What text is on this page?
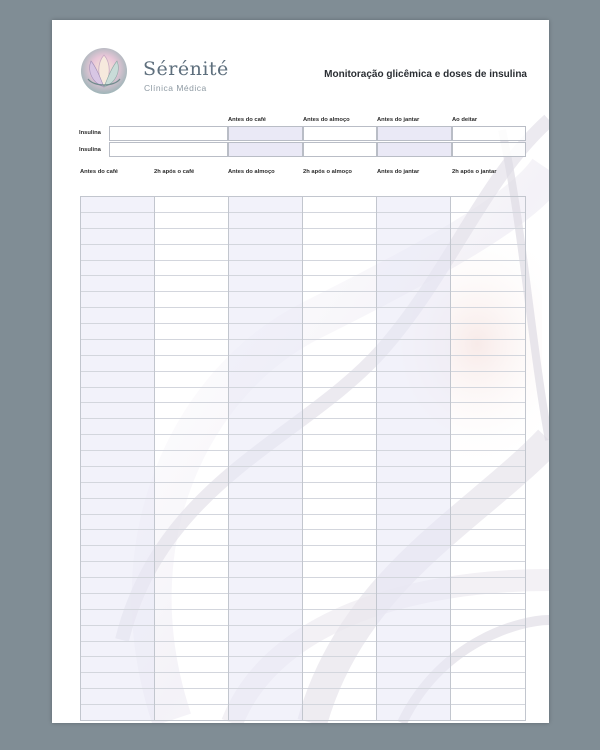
Sérénité
Clínica Médica
Monitoração glicêmica e doses de insulina
Antes do café	Antes do almoço	Antes do jantar	Ao deitar
Insulina
Insulina
Antes do café	2h após o café	Antes do almoço	2h após o almoço	Antes do jantar	2h após o jantar
